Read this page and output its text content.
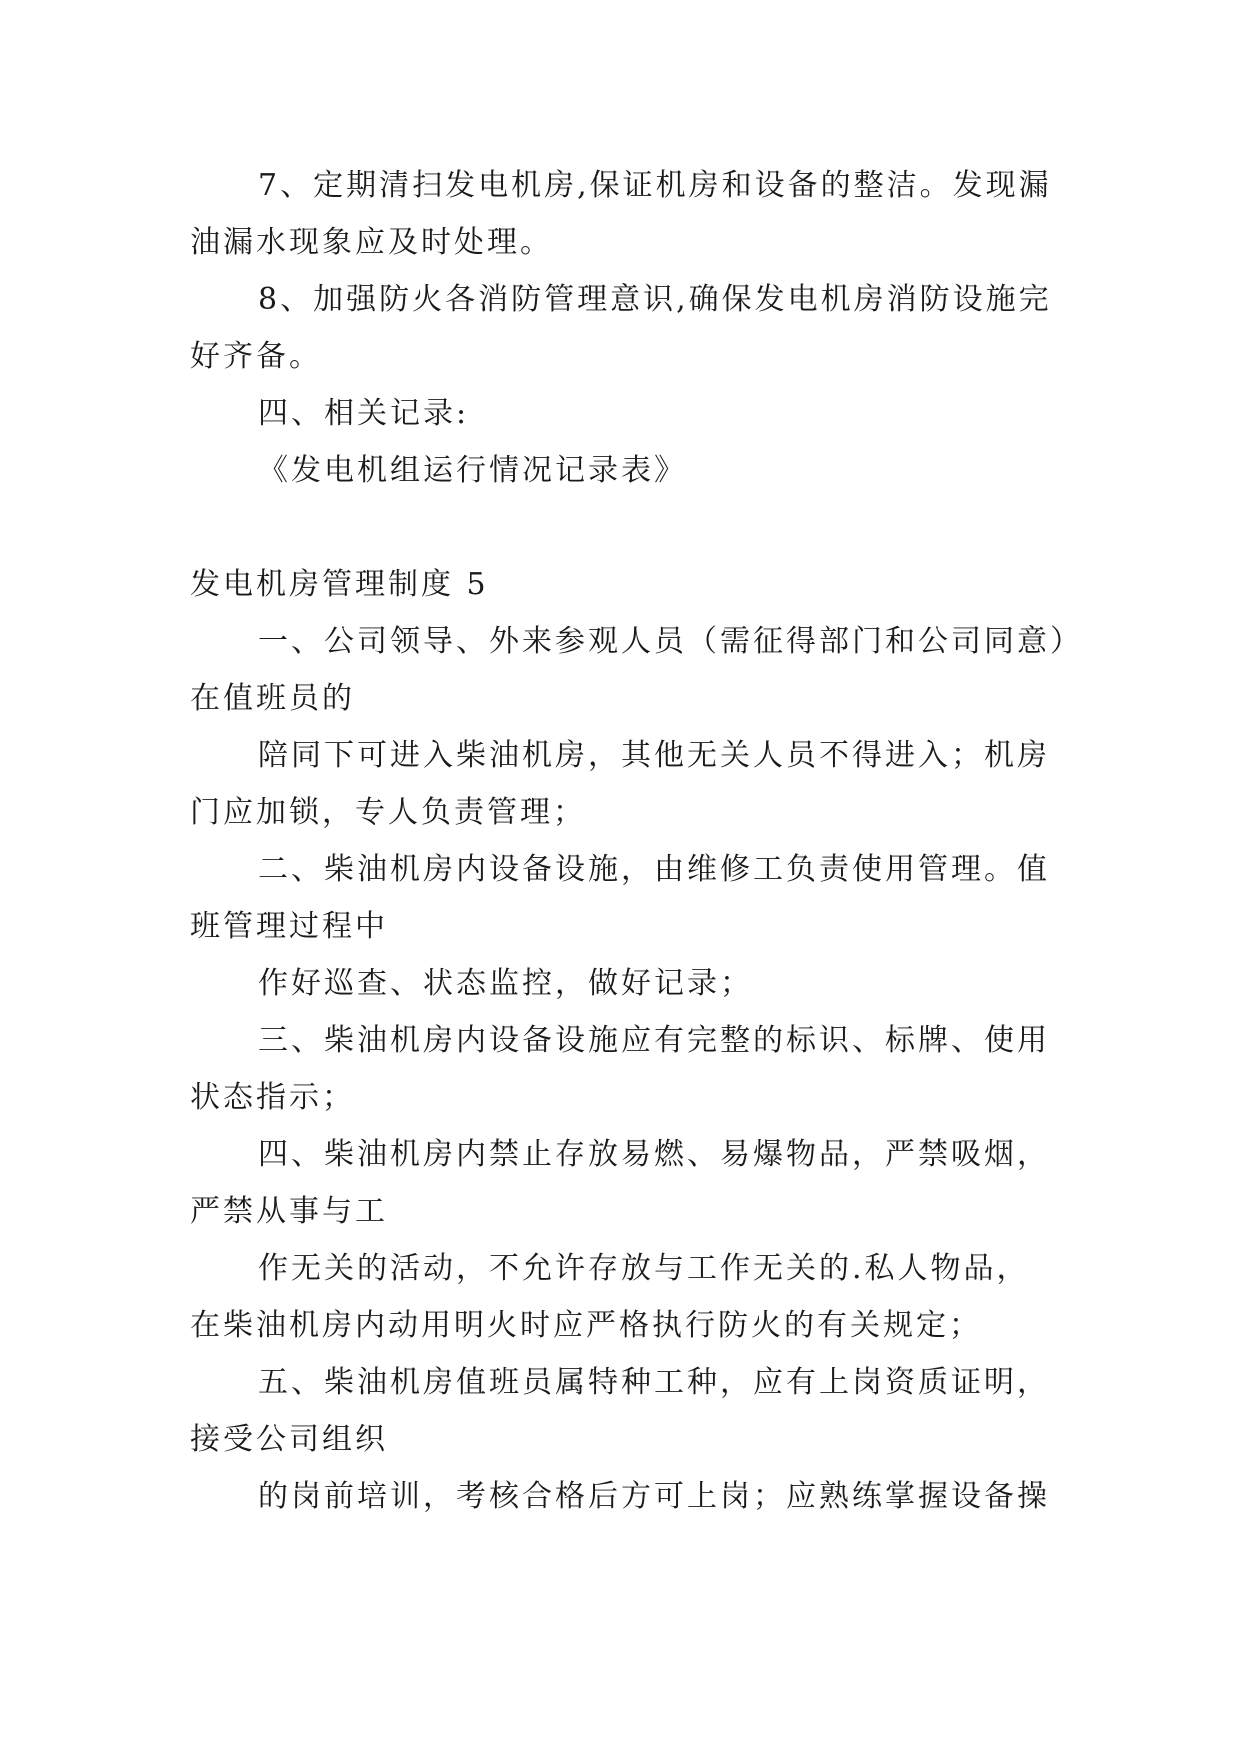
7、定期清扫发电机房,保证机房和设备的整洁。发现漏
油漏水现象应及时处理。
8、加强防火各消防管理意识,确保发电机房消防设施完
好齐备。
四、相关记录:
《发电机组运行情况记录表》
发电机房管理制度 5
一、公司领导、外来参观人员（需征得部门和公司同意）
在值班员的
陪同下可进入柴油机房，其他无关人员不得进入；机房
门应加锁，专人负责管理；
二、柴油机房内设备设施，由维修工负责使用管理。值
班管理过程中
作好巡查、状态监控，做好记录；
三、柴油机房内设备设施应有完整的标识、标牌、使用
状态指示；
四、柴油机房内禁止存放易燃、易爆物品，严禁吸烟，
严禁从事与工
作无关的活动，不允许存放与工作无关的.私人物品，
在柴油机房内动用明火时应严格执行防火的有关规定；
五、柴油机房值班员属特种工种，应有上岗资质证明，
接受公司组织
的岗前培训，考核合格后方可上岗；应熟练掌握设备操
